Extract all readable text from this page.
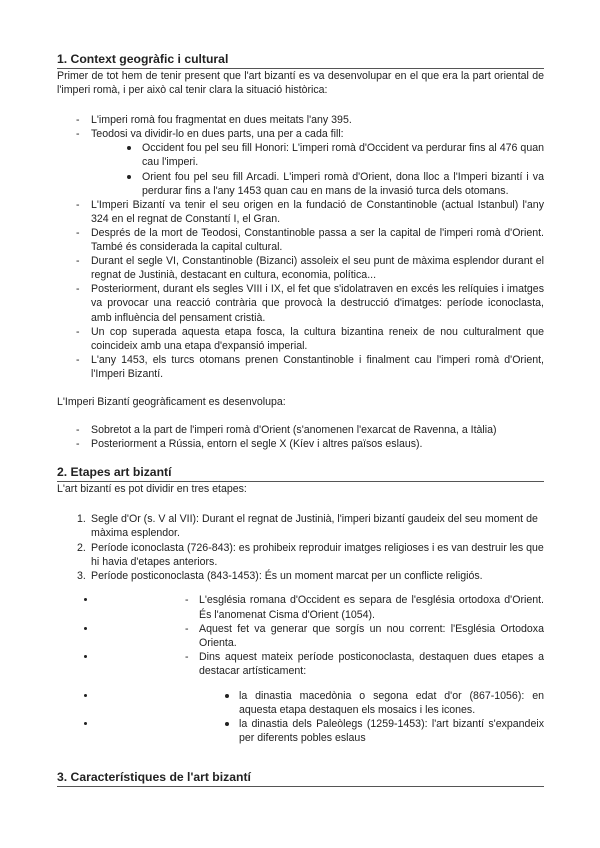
1. Context geogràfic i cultural

Primer de tot hem de tenir present que l'art bizantí es va desenvolupar en el que era la part oriental de l'imperi romà, i per això cal tenir clara la situació històrica:

- L'imperi romà fou fragmentat en dues meitats l'any 395.
- Teodosi va dividir-lo en dues parts, una per a cada fill:
Occident fou pel seu fill Honori: L'imperi romà d'Occident va perdurar fins al 476 quan cau l'imperi.
Orient fou pel seu fill Arcadi. L'imperi romà d'Orient, dona lloc a l'Imperi bizantí i va perdurar fins a l'any 1453 quan cau en mans de la invasió turca dels otomans.
- L'Imperi Bizantí va tenir el seu origen en la fundació de Constantinoble (actual Istanbul) l'any 324 en el regnat de Constantí I, el Gran.
- Després de la mort de Teodosi, Constantinoble passa a ser la capital de l'imperi romà d'Orient. També és considerada la capital cultural.
- Durant el segle VI, Constantinoble (Bizanci) assoleix el seu punt de màxima esplendor durant el regnat de Justinià, destacant en cultura, economia, política...
- Posteriorment, durant els segles VIII i IX, el fet que s'idolatraven en excés les relíquies i imatges va provocar una reacció contrària que provocà la destrucció d'imatges: període iconoclasta, amb influència del pensament cristià.
- Un cop superada aquesta etapa fosca, la cultura bizantina reneix de nou culturalment que coincideix amb una etapa d'expansió imperial.
- L'any 1453, els turcs otomans prenen Constantinoble i finalment cau l'imperi romà d'Orient, l'Imperi Bizantí.

L'Imperi Bizantí geogràficament es desenvolupa:

- Sobretot a la part de l'imperi romà d'Orient (s'anomenen l'exarcat de Ravenna, a Itàlia)
- Posteriorment a Rússia, entorn el segle X (Kíev i altres països eslaus).
2. Etapes art bizantí

L'art bizantí es pot dividir en tres etapes:

1. Segle d'Or (s. V al VII): Durant el regnat de Justinià, l'imperi bizantí gaudeix del seu moment de màxima esplendor.
2. Període iconoclasta (726-843): es prohibeix reproduir imatges religioses i es van destruir les que hi havia d'etapes anteriors.
3. Període posticonoclasta (843-1453): És un moment marcat per un conflicte religiós.
- • L'església romana d'Occident es separa de l'església ortodoxa d'Orient. És l'anomenat Cisma d'Orient (1054).
- • Aquest fet va generar que sorgís un nou corrent: l'Església Ortodoxa Orienta.
- • Dins aquest mateix període posticonoclasta, destaquen dues etapes a destacar artísticament:
• la dinastia macedònia o segona edat d'or (867-1056): en aquesta etapa destaquen els mosaics i les icones.
• la dinastia dels Paleòlegs (1259-1453): l'art bizantí s'expandeix per diferents pobles eslaus
3. Característiques de l'art bizantí
